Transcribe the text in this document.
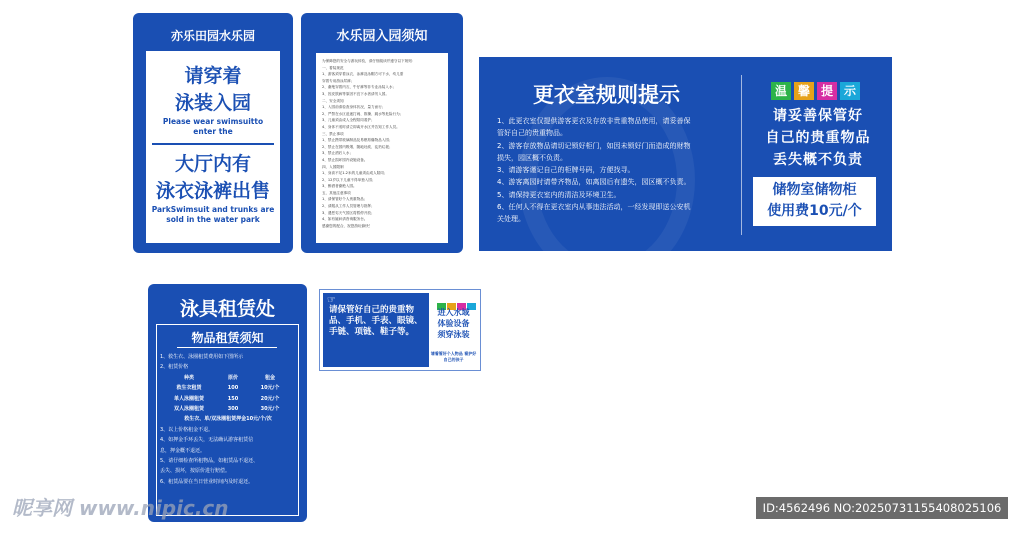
亦乐田园水乐园
请穿着
泳装入园
Please wear swimsuitto
enter the
大厅内有
泳衣泳裤出售
ParkSwimsuit and trunks are
sold in the water park
水乐园入园须知
为保障您的安全与游玩体验，请仔细阅读并遵守以下规则：
一、着装规范
1、游客须穿着泳衣、泳裤及泳帽方可下水，幼儿需
穿着专用游泳尿裤；
2、谢绝穿着内衣、牛仔裤等非专业泳装入水；
3、因皮肤病等原因不宜下水者请勿入园。
二、安全须知
1、入园前请检查身体状况，量力而行；
2、严禁在水区追逐打闹、推搡、跳水等危险行为；
3、儿童须由成人全程陪同看护；
4、身体不适时请立即离开水区并告知工作人员。
三、禁止事项
1、禁止携带玻璃制品及易燃易爆物品入园；
2、禁止在园内吸烟、随地吐痰、乱扔垃圾；
3、禁止酒后入水；
4、禁止损坏园内设施设备。
四、入园限制
1、身高不足1.2米的儿童须由成人陪同；
2、12岁以下儿童不得单独入园；
3、醉酒者谢绝入园。
五、其他注意事项
1、请保管好个人贵重物品；
2、请服从工作人员管理与指挥；
3、遇恶劣天气园区将暂停开放；
4、如有疑问请咨询服务台。
感谢您的配合，祝您游玩愉快！
更衣室规则提示
1、此更衣室仅提供游客更衣及存放非贵重物品使用，请妥善保
管好自己的贵重物品。
2、游客存放物品请切记锁好柜门，如因未锁好门而造成的财物
损失，园区概不负责。
3、请游客谨记自己的柜牌号码，方便找寻。
4、游客离园时请带齐物品，如离园后有遗失，园区概不负责。
5、请保持更衣室内的清洁及环境卫生。
6、任何人不得在更衣室内从事违法活动，一经发现即送公安机
关处理。
温 馨 提 示
请妥善保管好
自己的贵重物品
丢失概不负责
储物室储物柜
使用费10元/个
泳具租赁处
物品租赁须知
1、救生衣、泳圈租赁费用如下图所示
2、租赁价格
种类	原价	租金
救生衣租赁	100	10元/个
单人泳圈租赁	150	20元/个
双人泳圈租赁	300	30元/个
救生衣、单/双泳圈租赁押金10元/个/次
3、以上价格租金不退。
4、如押金手环丢失，无法确认游客租赁信
息，押金概不退还。
5、请仔细检查所租物品，如租赁品不退还、
丢失、损坏，按原价进行赔偿。
6、租赁品要在当日营业时间内及时退还。
☞
请保管好自己的贵重物品、手机、手表、眼镜、手链、项链、鞋子等。
进入水域
体验设备
须穿泳装
请看管好个人物品 看护好自己的孩子
昵享网 www.nipic.cn	ID:4562496 NO:20250731155408025106
